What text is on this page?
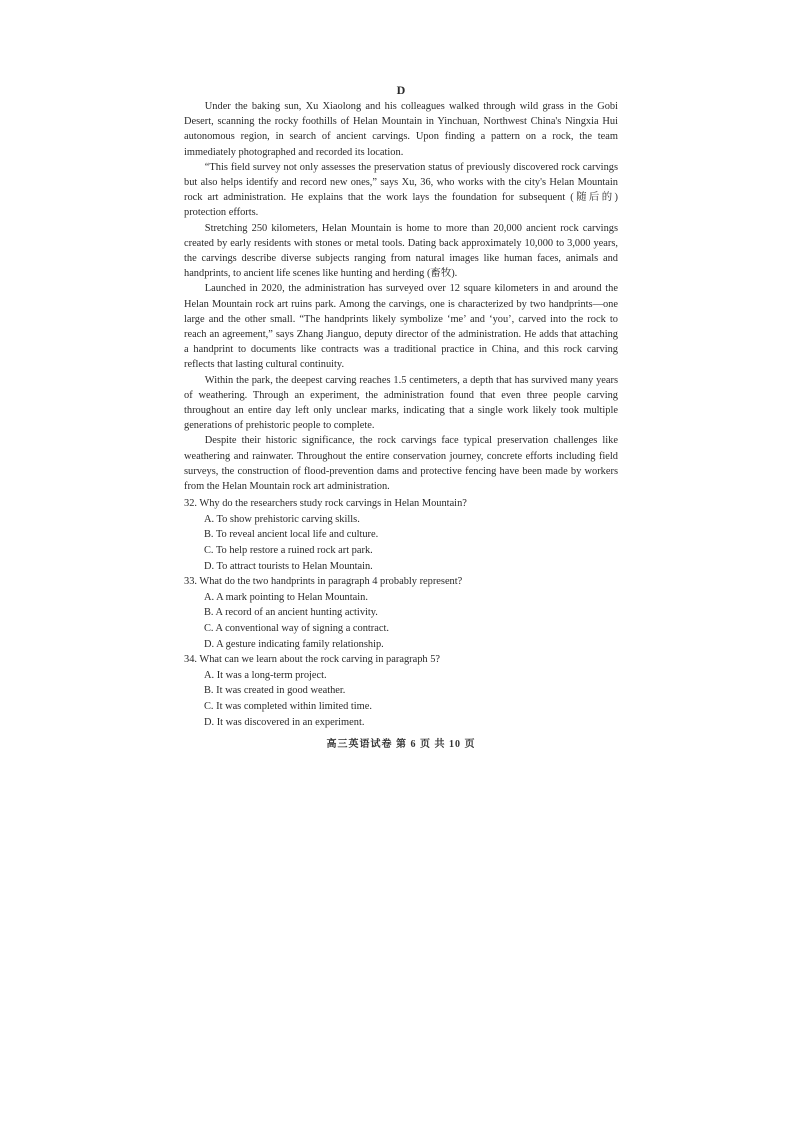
D

Under the baking sun, Xu Xiaolong and his colleagues walked through wild grass in the Gobi Desert, scanning the rocky foothills of Helan Mountain in Yinchuan, Northwest China's Ningxia Hui autonomous region, in search of ancient carvings. Upon finding a pattern on a rock, the team immediately photographed and recorded its location.

“This field survey not only assesses the preservation status of previously discovered rock carvings but also helps identify and record new ones,” says Xu, 36, who works with the city's Helan Mountain rock art administration. He explains that the work lays the foundation for subsequent (随后的) protection efforts.

Stretching 250 kilometers, Helan Mountain is home to more than 20,000 ancient rock carvings created by early residents with stones or metal tools. Dating back approximately 10,000 to 3,000 years, the carvings describe diverse subjects ranging from natural images like human faces, animals and handprints, to ancient life scenes like hunting and herding (畜牧).

Launched in 2020, the administration has surveyed over 12 square kilometers in and around the Helan Mountain rock art ruins park. Among the carvings, one is characterized by two handprints—one large and the other small. “The handprints likely symbolize ‘me’ and ‘you’, carved into the rock to reach an agreement,” says Zhang Jianguo, deputy director of the administration. He adds that attaching a handprint to documents like contracts was a traditional practice in China, and this rock carving reflects that lasting cultural continuity.

Within the park, the deepest carving reaches 1.5 centimeters, a depth that has survived many years of weathering. Through an experiment, the administration found that even three people carving throughout an entire day left only unclear marks, indicating that a single work likely took multiple generations of prehistoric people to complete.

Despite their historic significance, the rock carvings face typical preservation challenges like weathering and rainwater. Throughout the entire conservation journey, concrete efforts including field surveys, the construction of flood-prevention dams and protective fencing have been made by workers from the Helan Mountain rock art administration.

32. Why do the researchers study rock carvings in Helan Mountain?

A. To show prehistoric carving skills.

B. To reveal ancient local life and culture.

C. To help restore a ruined rock art park.

D. To attract tourists to Helan Mountain.

33. What do the two handprints in paragraph 4 probably represent?

A. A mark pointing to Helan Mountain.

B. A record of an ancient hunting activity.

C. A conventional way of signing a contract.

D. A gesture indicating family relationship.

34. What can we learn about the rock carving in paragraph 5?

A. It was a long-term project.

B. It was created in good weather.

C. It was completed within limited time.

D. It was discovered in an experiment.

高三英语试卷 第 6 页 共 10 页
